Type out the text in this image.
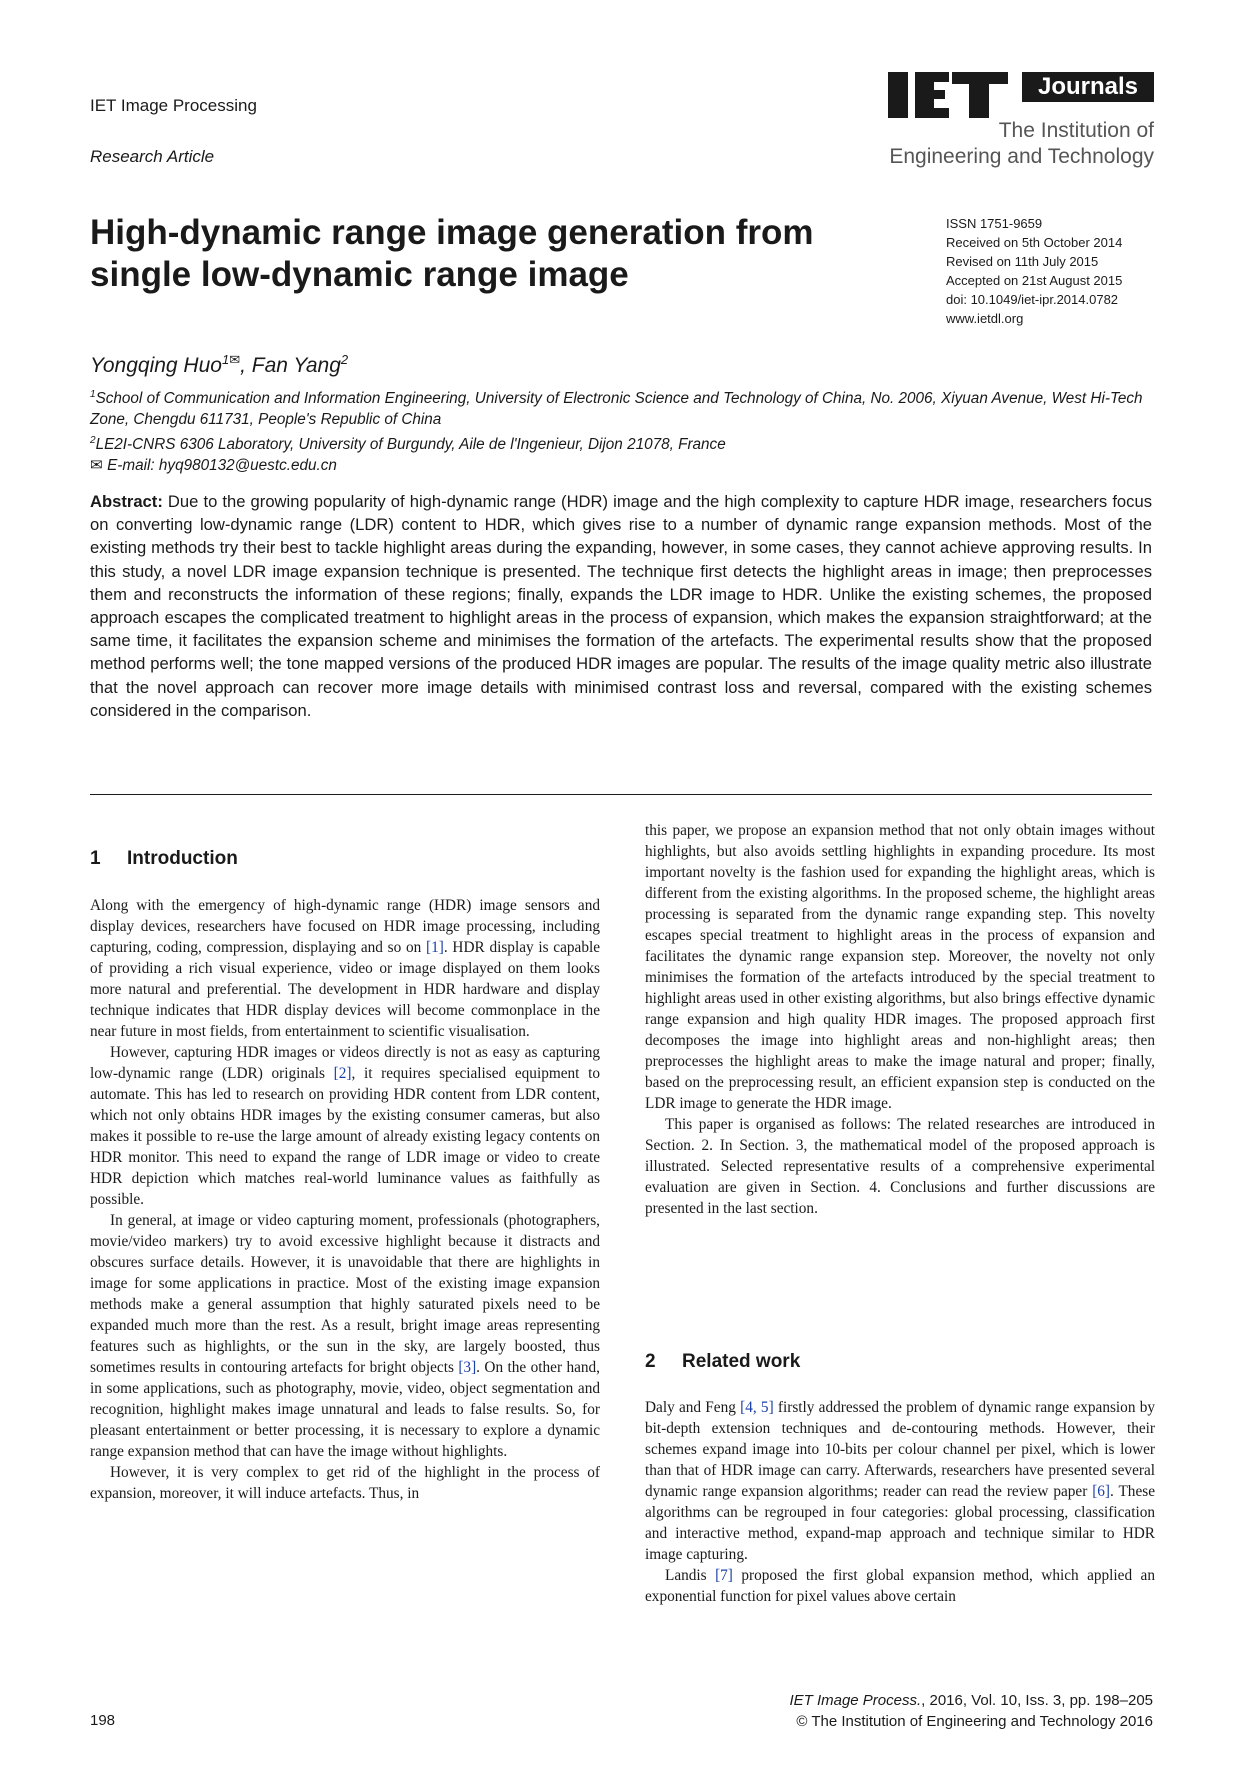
IET Image Processing
Research Article
Journals
The Institution of
Engineering and Technology
High-dynamic range image generation from single low-dynamic range image
ISSN 1751-9659
Received on 5th October 2014
Revised on 11th July 2015
Accepted on 21st August 2015
doi: 10.1049/iet-ipr.2014.0782
www.ietdl.org
Yongqing Huo$^1$✉, Fan Yang$^2$
$^1$School of Communication and Information Engineering, University of Electronic Science and Technology of China, No. 2006, Xiyuan Avenue, West Hi-Tech Zone, Chengdu 611731, People's Republic of China
$^2$LE2I-CNRS 6306 Laboratory, University of Burgundy, Aile de l'Ingenieur, Dijon 21078, France
✉ E-mail: hyq980132@uestc.edu.cn
Abstract: Due to the growing popularity of high-dynamic range (HDR) image and the high complexity to capture HDR image, researchers focus on converting low-dynamic range (LDR) content to HDR, which gives rise to a number of dynamic range expansion methods. Most of the existing methods try their best to tackle highlight areas during the expanding, however, in some cases, they cannot achieve approving results. In this study, a novel LDR image expansion technique is presented. The technique first detects the highlight areas in image; then preprocesses them and reconstructs the information of these regions; finally, expands the LDR image to HDR. Unlike the existing schemes, the proposed approach escapes the complicated treatment to highlight areas in the process of expansion, which makes the expansion straightforward; at the same time, it facilitates the expansion scheme and minimises the formation of the artefacts. The experimental results show that the proposed method performs well; the tone mapped versions of the produced HDR images are popular. The results of the image quality metric also illustrate that the novel approach can recover more image details with minimised contrast loss and reversal, compared with the existing schemes considered in the comparison.
1 Introduction

Along with the emergency of high-dynamic range (HDR) image sensors and display devices, researchers have focused on HDR image processing, including capturing, coding, compression, displaying and so on [1]. HDR display is capable of providing a rich visual experience, video or image displayed on them looks more natural and preferential. The development in HDR hardware and display technique indicates that HDR display devices will become commonplace in the near future in most fields, from entertainment to scientific visualisation.

However, capturing HDR images or videos directly is not as easy as capturing low-dynamic range (LDR) originals [2], it requires specialised equipment to automate. This has led to research on providing HDR content from LDR content, which not only obtains HDR images by the existing consumer cameras, but also makes it possible to re-use the large amount of already existing legacy contents on HDR monitor. This need to expand the range of LDR image or video to create HDR depiction which matches real-world luminance values as faithfully as possible.

In general, at image or video capturing moment, professionals (photographers, movie/video markers) try to avoid excessive highlight because it distracts and obscures surface details. However, it is unavoidable that there are highlights in image for some applications in practice. Most of the existing image expansion methods make a general assumption that highly saturated pixels need to be expanded much more than the rest. As a result, bright image areas representing features such as highlights, or the sun in the sky, are largely boosted, thus sometimes results in contouring artefacts for bright objects [3]. On the other hand, in some applications, such as photography, movie, video, object segmentation and recognition, highlight makes image unnatural and leads to false results. So, for pleasant entertainment or better processing, it is necessary to explore a dynamic range expansion method that can have the image without highlights.

However, it is very complex to get rid of the highlight in the process of expansion, moreover, it will induce artefacts. Thus, in

this paper, we propose an expansion method that not only obtain images without highlights, but also avoids settling highlights in expanding procedure. Its most important novelty is the fashion used for expanding the highlight areas, which is different from the existing algorithms. In the proposed scheme, the highlight areas processing is separated from the dynamic range expanding step. This novelty escapes special treatment to highlight areas in the process of expansion and facilitates the dynamic range expansion step. Moreover, the novelty not only minimises the formation of the artefacts introduced by the special treatment to highlight areas used in other existing algorithms, but also brings effective dynamic range expansion and high quality HDR images. The proposed approach first decomposes the image into highlight areas and non-highlight areas; then preprocesses the highlight areas to make the image natural and proper; finally, based on the preprocessing result, an efficient expansion step is conducted on the LDR image to generate the HDR image.

This paper is organised as follows: The related researches are introduced in Section. 2. In Section. 3, the mathematical model of the proposed approach is illustrated. Selected representative results of a comprehensive experimental evaluation are given in Section. 4. Conclusions and further discussions are presented in the last section.

2 Related work

Daly and Feng [4, 5] firstly addressed the problem of dynamic range expansion by bit-depth extension techniques and de-contouring methods. However, their schemes expand image into 10-bits per colour channel per pixel, which is lower than that of HDR image can carry. Afterwards, researchers have presented several dynamic range expansion algorithms; reader can read the review paper [6]. These algorithms can be regrouped in four categories: global processing, classification and interactive method, expand-map approach and technique similar to HDR image capturing.

Landis [7] proposed the first global expansion method, which applied an exponential function for pixel values above certain

IET Image Process., 2016, Vol. 10, Iss. 3, pp. 198–205
© The Institution of Engineering and Technology 2016
198
